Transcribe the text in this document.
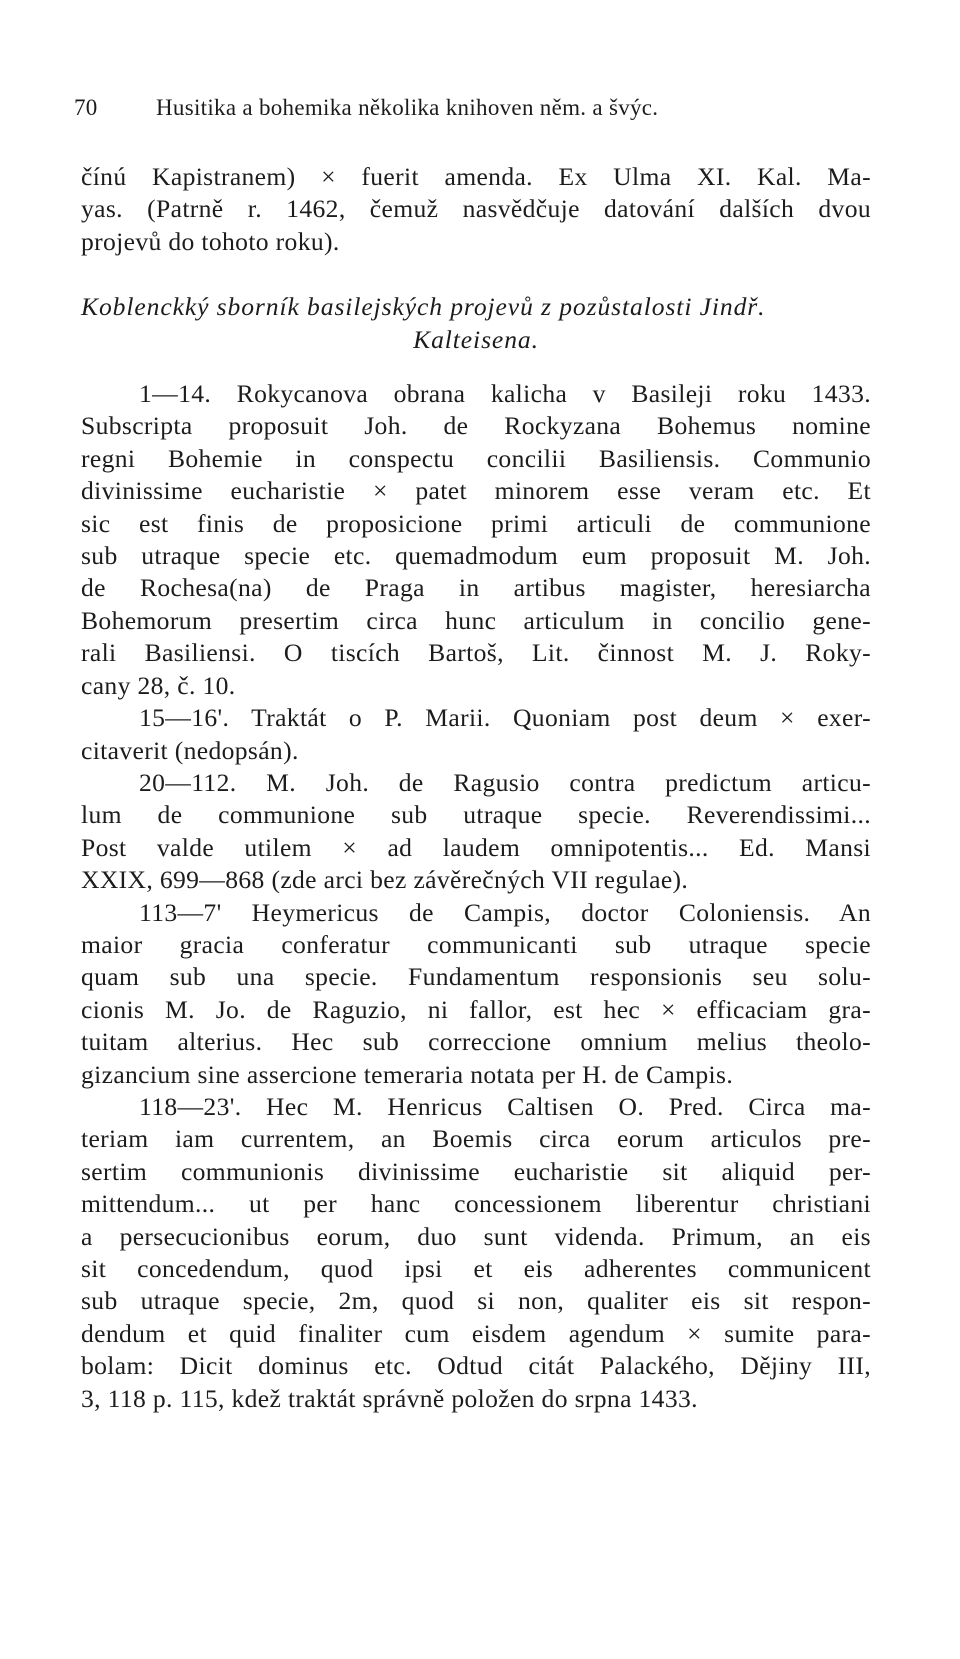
70	Husitika a bohemika několika knihoven něm. a švýc.
čínú Kapistranem) × fuerit amenda. Ex Ulma XI. Kal. Ma-
yas. (Patrně r. 1462, čemuž nasvědčuje datování dalších dvou
projevů do tohoto roku).
Koblenckký sborník basilejských projevů z pozůstalosti Jindř.
Kalteisena.
1—14. Rokycanova obrana kalicha v Basileji roku 1433.
Subscripta proposuit Joh. de Rockyzana Bohemus nomine
regni Bohemie in conspectu concilii Basiliensis. Communio
divinissime eucharistie × patet minorem esse veram etc. Et
sic est finis de proposicione primi articuli de communione
sub utraque specie etc. quemadmodum eum proposuit M. Joh.
de Rochesa(na) de Praga in artibus magister, heresiarcha
Bohemorum presertim circa hunc articulum in concilio gene-
rali Basiliensi. O tiscích Bartoš, Lit. činnost M. J. Roky-
cany 28, č. 10.
15—16'. Traktát o P. Marii. Quoniam post deum × exer-
citaverit (nedopsán).
20—112. M. Joh. de Ragusio contra predictum articu-
lum de communione sub utraque specie. Reverendissimi...
Post valde utilem × ad laudem omnipotentis... Ed. Mansi
XXIX, 699—868 (zde arci bez závěrečných VII regulae).
113—7' Heymericus de Campis, doctor Coloniensis. An
maior gracia conferatur communicanti sub utraque specie
quam sub una specie. Fundamentum responsionis seu solu-
cionis M. Jo. de Raguzio, ni fallor, est hec × efficaciam gra-
tuitam alterius. Hec sub correccione omnium melius theolo-
gizancium sine assercione temeraria notata per H. de Campis.
118—23'. Hec M. Henricus Caltisen O. Pred. Circa ma-
teriam iam currentem, an Boemis circa eorum articulos pre-
sertim communionis divinissime eucharistie sit aliquid per-
mittendum... ut per hanc concessionem liberentur christiani
a persecucionibus eorum, duo sunt videnda. Primum, an eis
sit concedendum, quod ipsi et eis adherentes communicent
sub utraque specie, 2m, quod si non, qualiter eis sit respon-
dendum et quid finaliter cum eisdem agendum × sumite para-
bolam: Dicit dominus etc. Odtud citát Palackého, Dějiny III,
3, 118 p. 115, kdež traktát správně položen do srpna 1433.
